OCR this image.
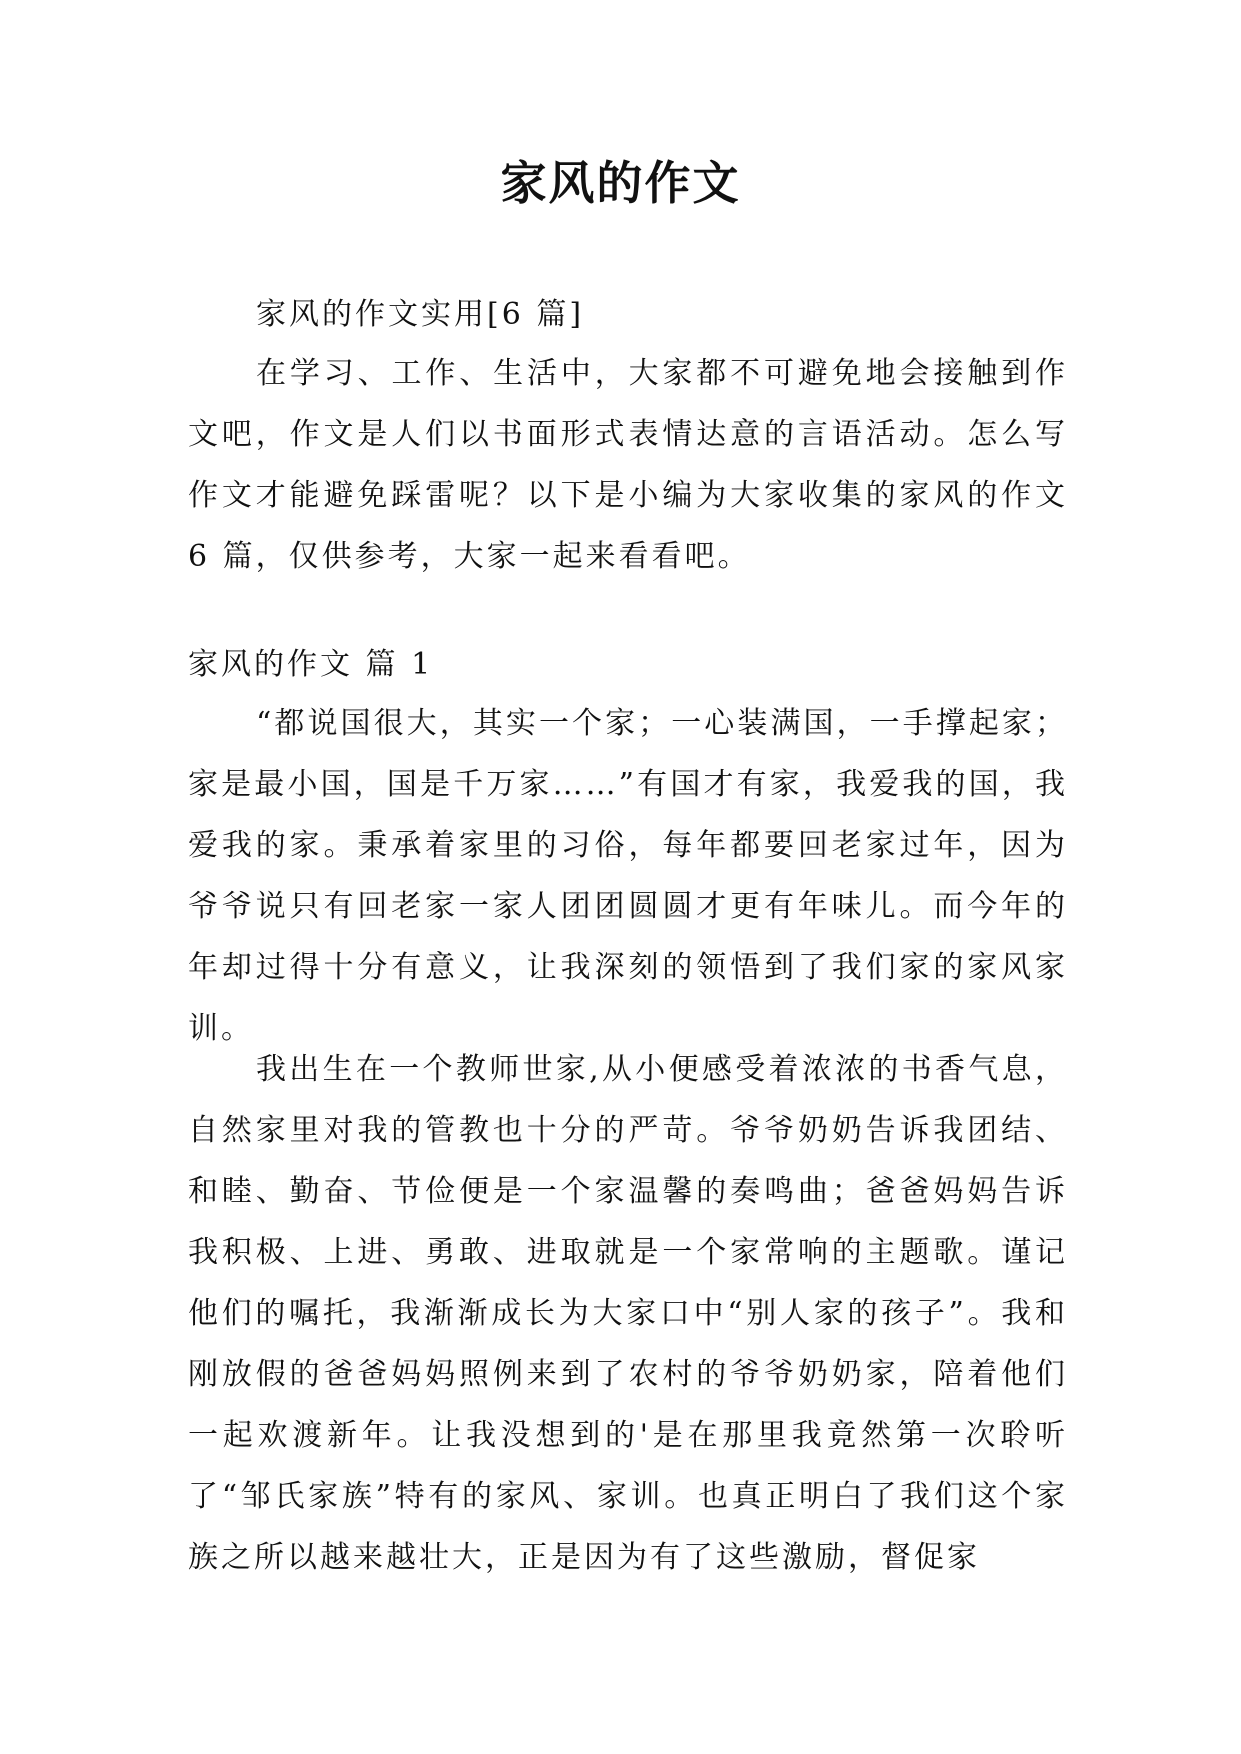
家风的作文
家风的作文实用[6 篇]

在学习、工作、生活中，大家都不可避免地会接触到作文吧，作文是人们以书面形式表情达意的言语活动。怎么写作文才能避免踩雷呢？以下是小编为大家收集的家风的作文 6 篇，仅供参考，大家一起来看看吧。

家风的作文 篇 1

“都说国很大，其实一个家；一心装满国，一手撑起家；家是最小国，国是千万家……”有国才有家，我爱我的国，我爱我的家。秉承着家里的习俗，每年都要回老家过年，因为爷爷说只有回老家一家人团团圆圆才更有年味儿。而今年的年却过得十分有意义，让我深刻的领悟到了我们家的家风家训。

我出生在一个教师世家,从小便感受着浓浓的书香气息，自然家里对我的管教也十分的严苛。爷爷奶奶告诉我团结、和睦、勤奋、节俭便是一个家温馨的奏鸣曲；爸爸妈妈告诉我积极、上进、勇敢、进取就是一个家常响的主题歌。谨记他们的嘱托，我渐渐成长为大家口中“别人家的孩子”。我和刚放假的爸爸妈妈照例来到了农村的爷爷奶奶家，陪着他们一起欢渡新年。让我没想到的'是在那里我竟然第一次聆听了“邹氏家族”特有的家风、家训。也真正明白了我们这个家族之所以越来越壮大，正是因为有了这些激励，督促家
